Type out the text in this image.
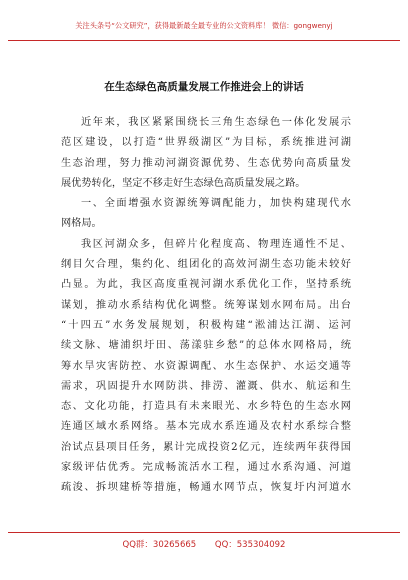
关注头条号“公文研究”，获得最新最全最专业的公文资料库！ 微信：gongwenyj
在生态绿色高质量发展工作推进会上的讲话
近年来，我区紧紧围绕长三角生态绿色一体化发展示
范区建设，以打造“世界级湖区”为目标，系统推进河湖
生态治理，努力推动河湖资源优势、生态优势向高质量发
展优势转化，坚定不移走好生态绿色高质量发展之路。
一、全面增强水资源统筹调配能力，加快构建现代水
网格局。
我区河湖众多，但碎片化程度高、物理连通性不足、
纲目欠合理，集约化、组团化的高效河湖生态功能未较好
凸显。为此，我区高度重视河湖水系优化工作，坚持系统
谋划，推动水系结构优化调整。统筹谋划水网布局。出台
“十四五”水务发展规划，积极构建“淞浦达江湖、运河
续文脉、塘浦织圩田、荡漾驻乡愁”的总体水网格局，统
筹水旱灾害防控、水资源调配、水生态保护、水运交通等
需求，巩固提升水网防洪、排涝、灌溉、供水、航运和生
态、文化功能，打造具有未来眼光、水乡特色的生态水网
连通区域水系网络。基本完成水系连通及农村水系综合整
治试点县项目任务，累计完成投资2亿元，连续两年获得国
家级评估优秀。完成畅流活水工程，通过水系沟通、河道
疏浚、拆坝建桥等措施，畅通水网节点，恢复圩内河道水
QQ群：30265665 QQ：535304092
